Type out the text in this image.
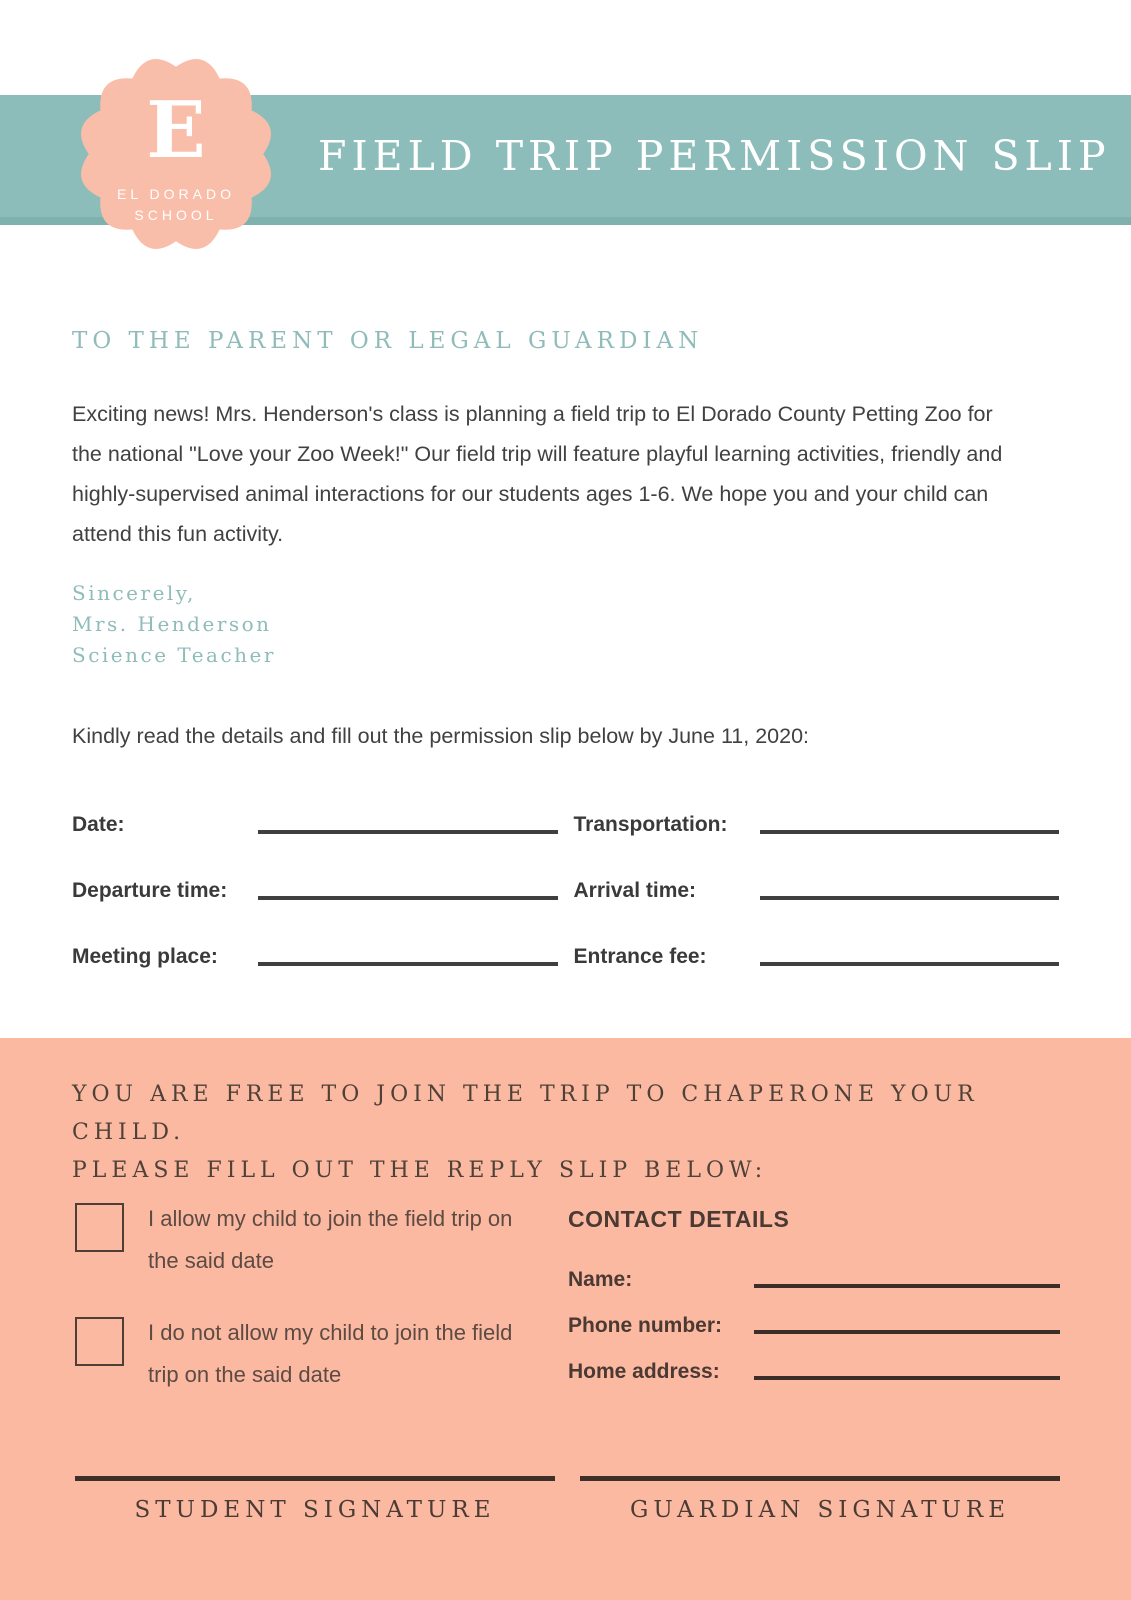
FIELD TRIP PERMISSION SLIP
E
EL DORADO
SCHOOL
TO THE PARENT OR LEGAL GUARDIAN
Exciting news! Mrs. Henderson's class is planning a field trip to El Dorado County Petting Zoo for the national "Love your Zoo Week!" Our field trip will feature playful learning activities, friendly and highly-supervised animal interactions for our students ages 1-6. We hope you and your child can attend this fun activity.
Sincerely,
Mrs. Henderson
Science Teacher
Kindly read the details and fill out the permission slip below by June 11, 2020:
Date:	Transportation:
Departure time:	Arrival time:
Meeting place:	Entrance fee:
YOU ARE FREE TO JOIN THE TRIP TO CHAPERONE YOUR CHILD.
PLEASE FILL OUT THE REPLY SLIP BELOW:
I allow my child to join the field trip on the said date
I do not allow my child to join the field trip on the said date
CONTACT DETAILS
Name:
Phone number:
Home address:
STUDENT SIGNATURE	GUARDIAN SIGNATURE
